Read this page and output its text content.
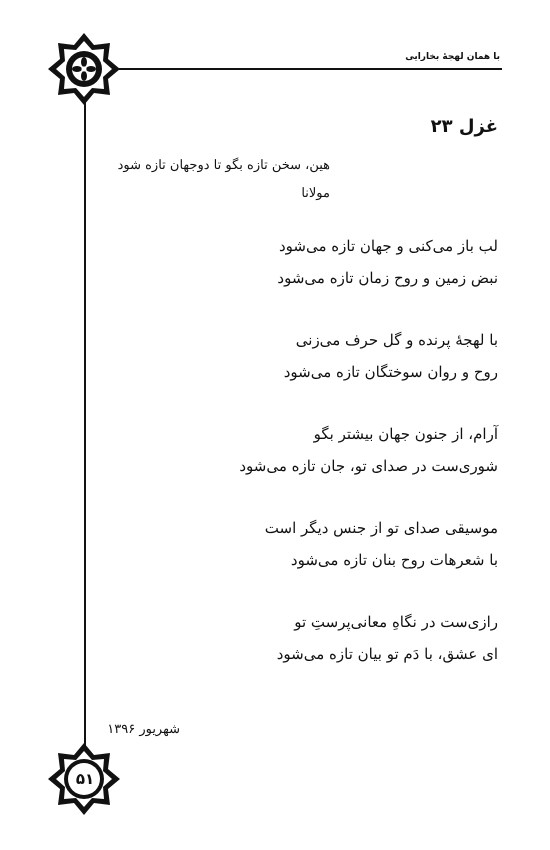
با همان لهجهٔ بخارایی
غزل ۲۳
هین، سخن تازه بگو تا دوجهان تازه شود
مولانا
لب باز می‌کنی و جهان تازه می‌شود
نبض زمین و روح زمان تازه می‌شود
با لهجهٔ پرنده و گل حرف می‌زنی
روح و روان سوختگان تازه می‌شود
آرام، از جنون جهان بیشتر بگو
شوری‌ست در صدای تو، جان تازه می‌شود
موسیقی صدای تو از جنس دیگر است
با شعرهات روح بنان تازه می‌شود
رازی‌ست در نگاهِ معانی‌پرستِ تو
ای عشق، با دَم تو بیان تازه می‌شود
شهریور ۱۳۹۶
۵۱
